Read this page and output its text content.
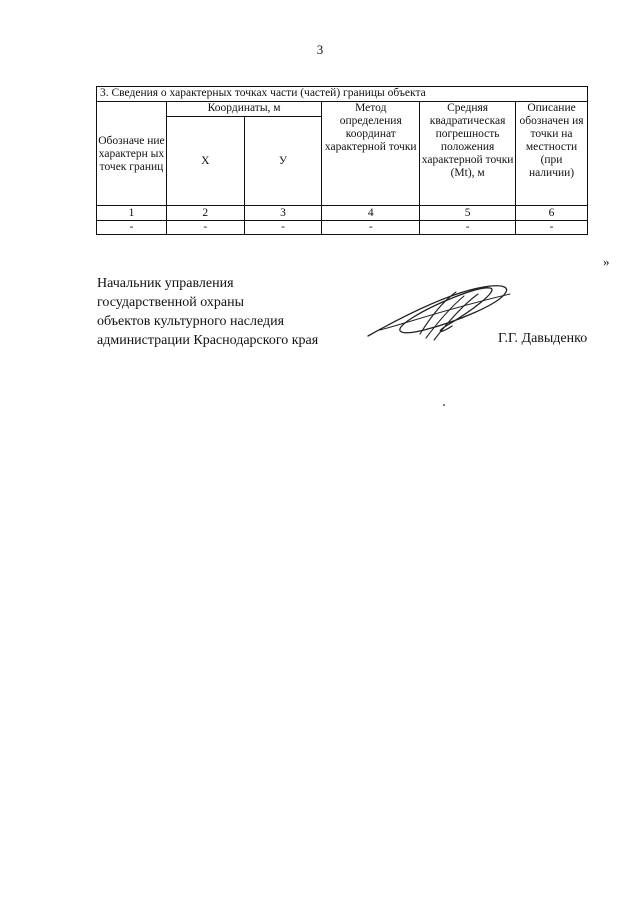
3
3. Сведения о характерных точках части (частей) границы объекта					
Обозначе ние характерн ых точек границ	Координаты, м		Метод определения координат характерной точки	Средняя квадратическая погрешность положения характерной точки (Mt), м	Описание обозначен ия точки на местности (при наличии)
	X	У			
1	2	3	4	5	6
-	-	-	-	-	-
»
Начальник управления
государственной охраны
объектов культурного наследия
администрации Краснодарского края	Г.Г. Давыденко
